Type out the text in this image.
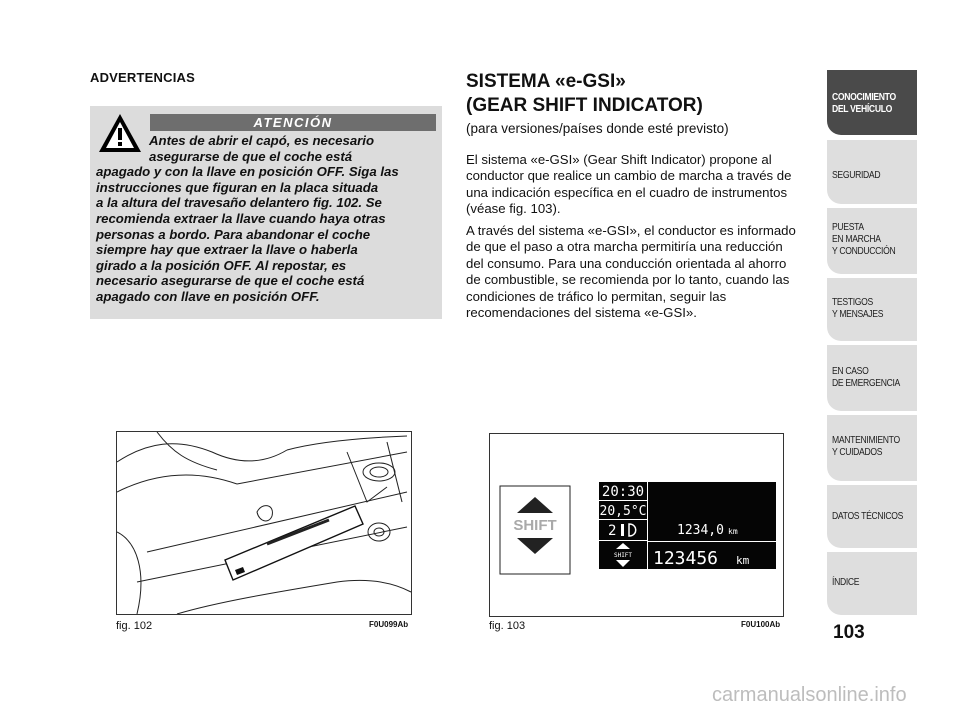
ADVERTENCIAS
ATENCIÓN
Antes de abrir el capó, es necesario
asegurarse de que el coche está
apagado y con la llave en posición OFF. Siga las
instrucciones que figuran en la placa situada
a la altura del travesaño delantero fig. 102. Se
recomienda extraer la llave cuando haya otras
personas a bordo. Para abandonar el coche
siempre hay que extraer la llave o haberla
girado a la posición OFF. Al repostar, es
necesario asegurarse de que el coche está
apagado con llave en posición OFF.
fig. 102	F0U099Ab
SISTEMA «e-GSI»
(GEAR SHIFT INDICATOR)
(para versiones/países donde esté previsto)
El sistema «e-GSI» (Gear Shift Indicator) propone al
conductor que realice un cambio de marcha a través de
una indicación específica en el cuadro de instrumentos
(véase fig. 103).
A través del sistema «e-GSI», el conductor es informado
de que el paso a otra marcha permitiría una reducción
del consumo. Para una conducción orientada al ahorro
de combustible, se recomienda por lo tanto, cuando las
condiciones de tráfico lo permitan, seguir las
recomendaciones del sistema «e-GSI».
SHIFT
20:30
20,5°C
2
SHIFT
1234,0 km
123456 km
fig. 103	F0U100Ab
CONOCIMIENTO
DEL VEHÍCULO
SEGURIDAD
PUESTA
EN MARCHA
Y CONDUCCIÓN
TESTIGOS
Y MENSAJES
EN CASO
DE EMERGENCIA
MANTENIMIENTO
Y CUIDADOS
DATOS TÉCNICOS
ÍNDICE
103
carmanualsonline.info
